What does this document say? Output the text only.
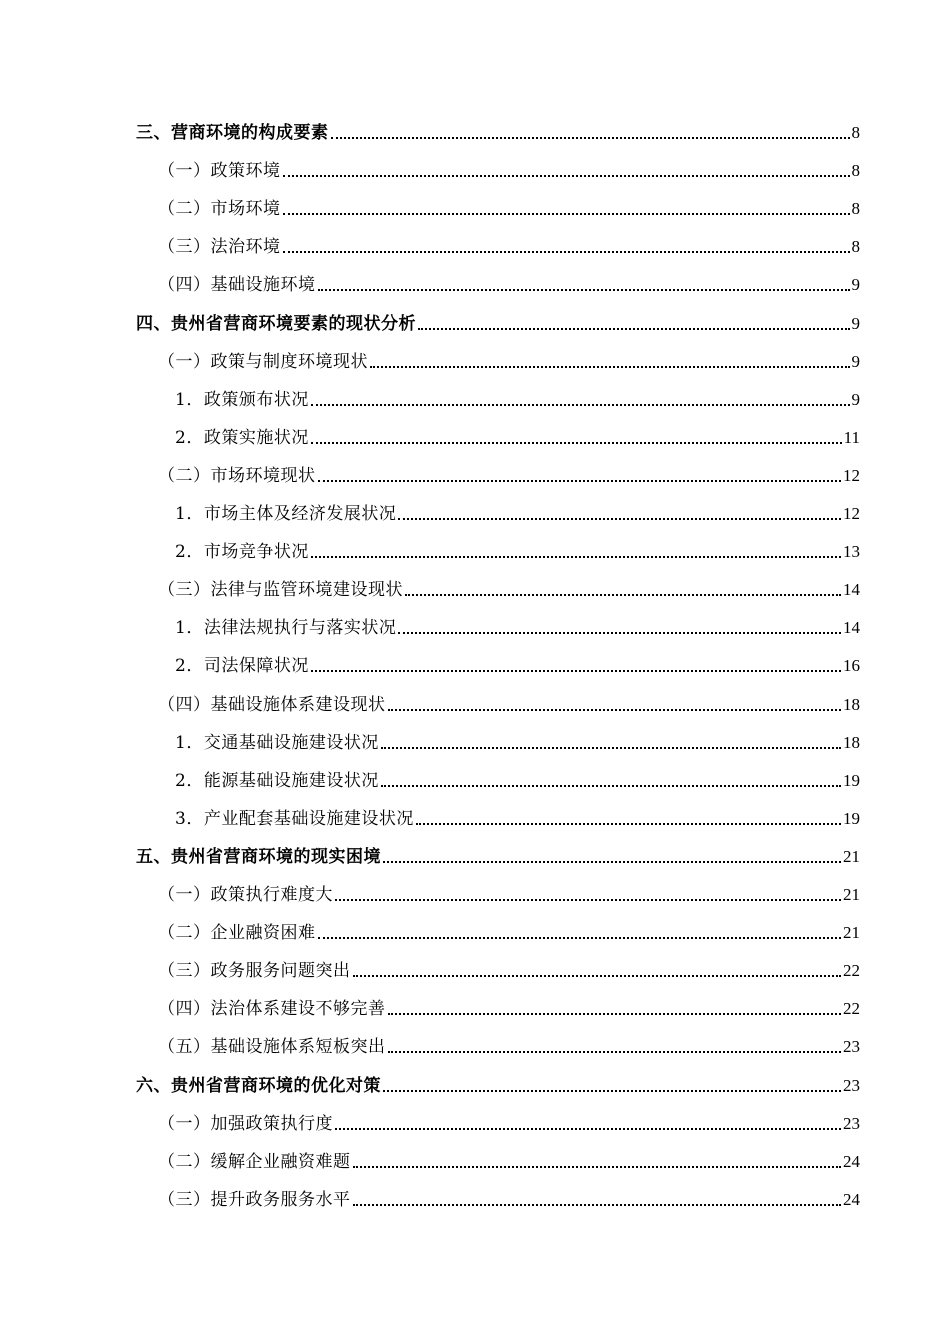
三、营商环境的构成要素	8
（一）政策环境	8
（二）市场环境	8
（三）法治环境	8
（四）基础设施环境	9
四、贵州省营商环境要素的现状分析	9
（一）政策与制度环境现状	9
1．政策颁布状况	9
2．政策实施状况	11
（二）市场环境现状	12
1．市场主体及经济发展状况	12
2．市场竞争状况	13
（三）法律与监管环境建设现状	14
1．法律法规执行与落实状况	14
2．司法保障状况	16
（四）基础设施体系建设现状	18
1．交通基础设施建设状况	18
2．能源基础设施建设状况	19
3．产业配套基础设施建设状况	19
五、贵州省营商环境的现实困境	21
（一）政策执行难度大	21
（二）企业融资困难	21
（三）政务服务问题突出	22
（四）法治体系建设不够完善	22
（五）基础设施体系短板突出	23
六、贵州省营商环境的优化对策	23
（一）加强政策执行度	23
（二）缓解企业融资难题	24
（三）提升政务服务水平	24
